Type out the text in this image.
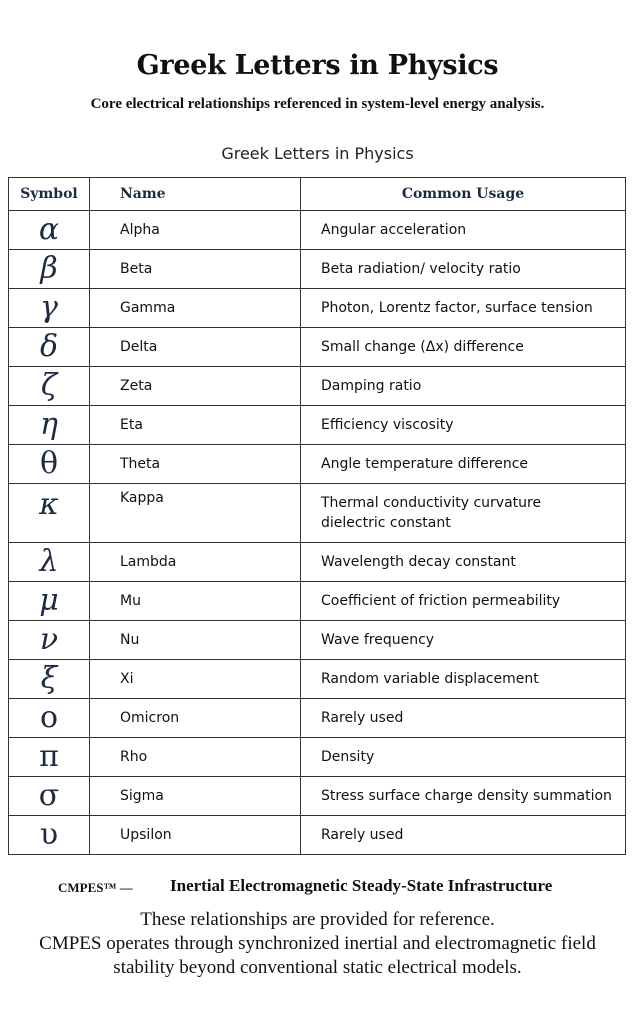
Greek Letters in Physics
Core electrical relationships referenced in system-level energy analysis.
Greek Letters in Physics
Symbol	Name	Common Usage
α	Alpha	Angular acceleration
β	Beta	Beta radiation/ velocity ratio
γ	Gamma	Photon, Lorentz factor, surface tension
δ	Delta	Small change (Δx) difference
ζ	Zeta	Damping ratio
η	Eta	Efficiency viscosity
θ	Theta	Angle temperature difference
κ	Kappa	Thermal conductivity curvature
dielectric constant
λ	Lambda	Wavelength decay constant
μ	Mu	Coefficient of friction permeability
ν	Nu	Wave frequency
ξ	Xi	Random variable displacement
ο	Omicron	Rarely used
π	Rho	Density
σ	Sigma	Stress surface charge density summation
υ	Upsilon	Rarely used
CMPES™ — Inertial Electromagnetic Steady-State Infrastructure
These relationships are provided for reference.
CMPES operates through synchronized inertial and electromagnetic field
stability beyond conventional static electrical models.
